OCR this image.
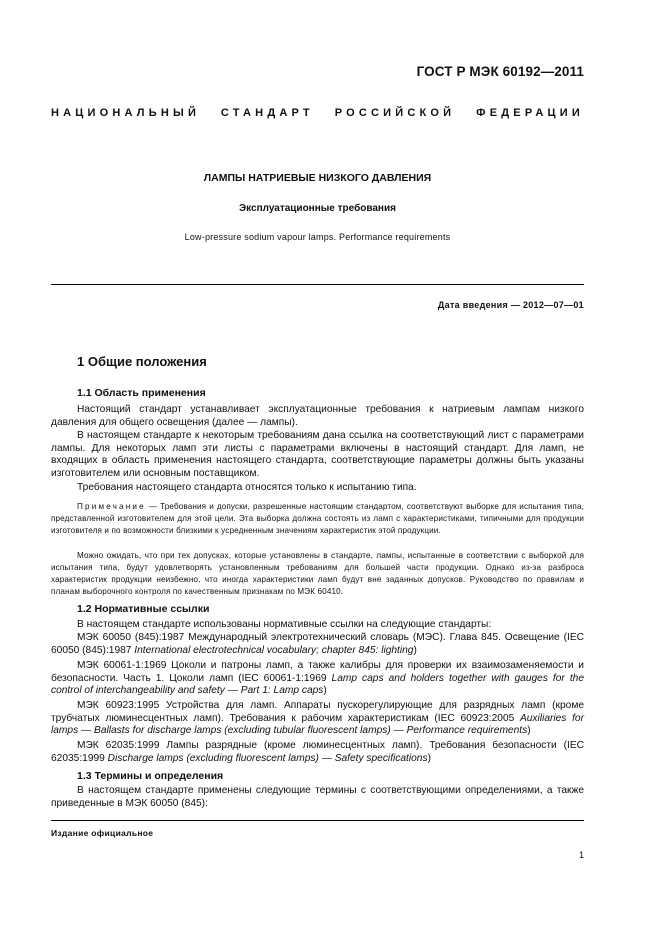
ГОСТ Р МЭК 60192—2011
НАЦИОНАЛЬНЫЙ СТАНДАРТ РОССИЙСКОЙ ФЕДЕРАЦИИ
ЛАМПЫ НАТРИЕВЫЕ НИЗКОГО ДАВЛЕНИЯ
Эксплуатационные требования
Low-pressure sodium vapour lamps. Performance requirements
Дата введения — 2012—07—01
1 Общие положения
1.1 Область применения
Настоящий стандарт устанавливает эксплуатационные требования к натриевым лампам низкого давления для общего освещения (далее — лампы).
В настоящем стандарте к некоторым требованиям дана ссылка на соответствующий лист с параметрами лампы. Для некоторых ламп эти листы с параметрами включены в настоящий стандарт. Для ламп, не входящих в область применения настоящего стандарта, соответствующие параметры должны быть указаны изготовителем или основным поставщиком.
Требования настоящего стандарта относятся только к испытанию типа.
Примечание — Требования и допуски, разрешенные настоящим стандартом, соответствуют выборке для испытания типа, представленной изготовителем для этой цели. Эта выборка должна состоять из ламп с характеристиками, типичными для продукции изготовителя и по возможности близкими к усредненным значениям характеристик этой продукции.
Можно ожидать, что при тех допусках, которые установлены в стандарте, лампы, испытанные в соответствии с выборкой для испытания типа, будут удовлетворять установленным требованиям для большей части продукции. Однако из-за разброса характеристик продукции неизбежно, что иногда характеристики ламп будут вне заданных допусков. Руководство по правилам и планам выборочного контроля по качественным признакам по МЭК 60410.
1.2 Нормативные ссылки
В настоящем стандарте использованы нормативные ссылки на следующие стандарты:
МЭК 60050 (845):1987 Международный электротехнический словарь (МЭС). Глава 845. Освещение (IEC 60050 (845):1987 International electrotechnical vocabulary; chapter 845: lighting)
МЭК 60061-1:1969 Цоколи и патроны ламп, а также калибры для проверки их взаимозаменяемости и безопасности. Часть 1. Цоколи ламп (IEC 60061-1:1969 Lamp caps and holders together with gauges for the control of interchangeability and safety — Part 1: Lamp caps)
МЭК 60923:1995 Устройства для ламп. Аппараты пускорегулирующие для разрядных ламп (кроме трубчатых люминесцентных ламп). Требования к рабочим характеристикам (IEC 60923:2005 Auxiliaries for lamps — Ballasts for discharge lamps (excluding tubular fluorescent lamps) — Performance requirements)
МЭК 62035:1999 Лампы разрядные (кроме люминесцентных ламп). Требования безопасности (IEC 62035:1999 Discharge lamps (excluding fluorescent lamps) — Safety specifications)
1.3 Термины и определения
В настоящем стандарте применены следующие термины с соответствующими определениями, а также приведенные в МЭК 60050 (845):
Издание официальное
1
